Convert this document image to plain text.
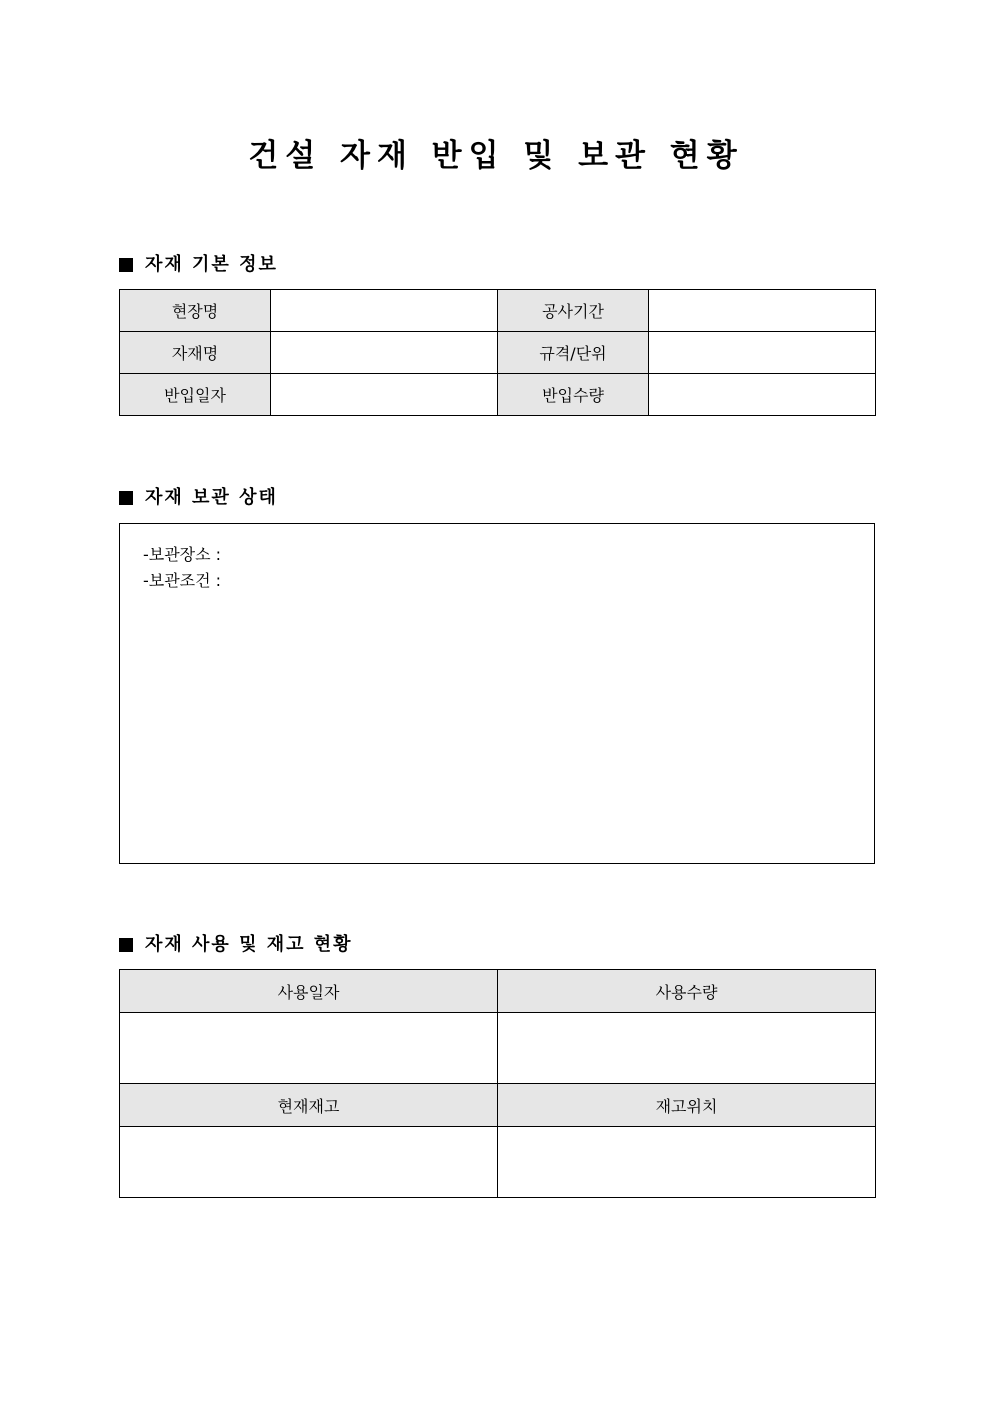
건설 자재 반입 및 보관 현황
자재 기본 정보
현장명		공사기간	
자재명		규격/단위	
반입일자		반입수량	
자재 보관 상태
-보관장소 :
-보관조건 :
자재 사용 및 재고 현황
사용일자	사용수량

현재재고	재고위치
